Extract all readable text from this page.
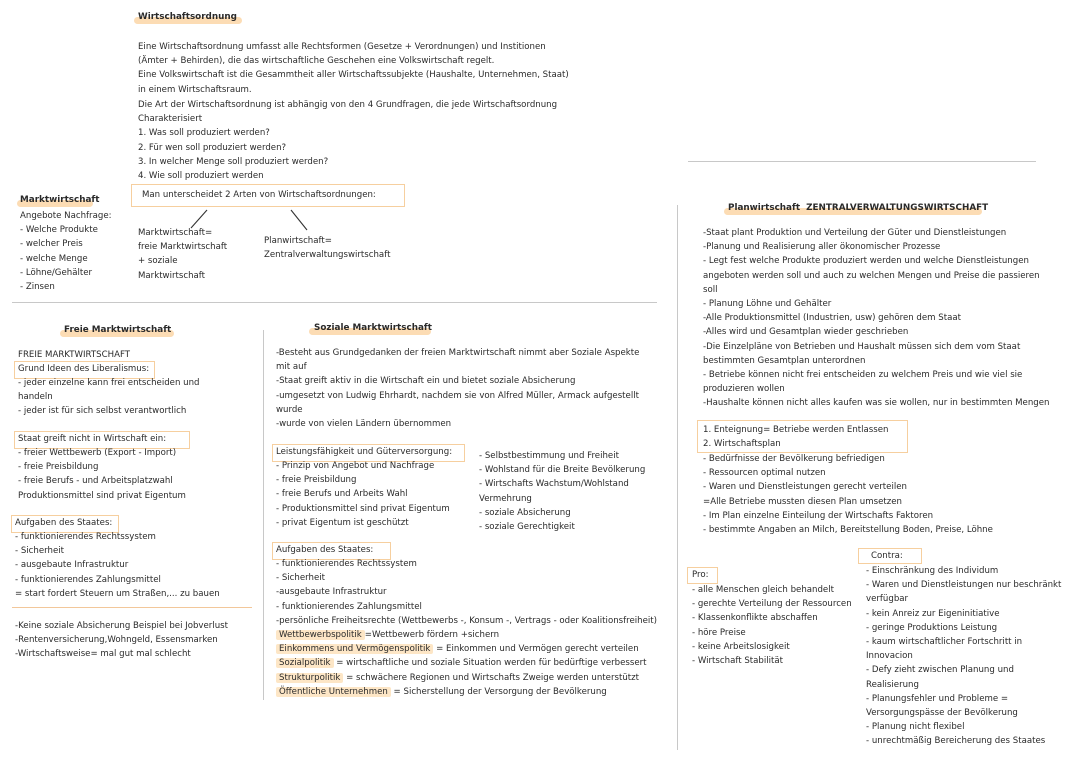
Wirtschaftsordnung
Eine Wirtschaftsordnung umfasst alle Rechtsformen (Gesetze + Verordnungen) und Institionen
(Ämter + Behirden), die das wirtschaftliche Geschehen eine Volkswirtschaft regelt.
Eine Volkswirtschaft ist die Gesammtheit aller Wirtschaftssubjekte (Haushalte, Unternehmen, Staat)
in einem Wirtschaftsraum.
Die Art der Wirtschaftsordnung ist abhängig von den 4 Grundfragen, die jede Wirtschaftsordnung
Charakterisiert
1. Was soll produziert werden?
2. Für wen soll produziert werden?
3. In welcher Menge soll produziert werden?
4. Wie soll produziert werden
Man unterscheidet 2 Arten von Wirtschaftsordnungen:
Marktwirtschaft
Angebote Nachfrage:
- Welche Produkte
- welcher Preis
- welche Menge
- Löhne/Gehälter
- Zinsen
Marktwirtschaft=
freie Marktwirtschaft
+ soziale
Marktwirtschaft
Planwirtschaft=
Zentralverwaltungswirtschaft
Freie Marktwirtschaft
FREIE MARKTWIRTSCHAFT
Grund Ideen des Liberalismus:
- jeder einzelne kann frei entscheiden und
handeln
- jeder ist für sich selbst verantwortlich
Staat greift nicht in Wirtschaft ein:
- freier Wettbewerb (Export - Import)
- freie Preisbildung
- freie Berufs - und Arbeitsplatzwahl
Produktionsmittel sind privat Eigentum
Aufgaben des Staates:
- funktionierendes Rechtssystem
- Sicherheit
- ausgebaute Infrastruktur
- funktionierendes Zahlungsmittel
= start fordert Steuern um Straßen,... zu bauen
-Keine soziale Absicherung Beispiel bei Jobverlust
-Rentenversicherung,Wohngeld, Essensmarken
-Wirtschaftsweise= mal gut mal schlecht
Soziale Marktwirtschaft
-Besteht aus Grundgedanken der freien Marktwirtschaft nimmt aber Soziale Aspekte
mit auf
-Staat greift aktiv in die Wirtschaft ein und bietet soziale Absicherung
-umgesetzt von Ludwig Ehrhardt, nachdem sie von Alfred Müller, Armack aufgestellt
wurde
-wurde von vielen Ländern übernommen
Leistungsfähigkeit und Güterversorgung:
- Prinzip von Angebot und Nachfrage
- freie Preisbildung
- freie Berufs und Arbeits Wahl
- Produktionsmittel sind privat Eigentum
- privat Eigentum ist geschützt
- Selbstbestimmung und Freiheit
- Wohlstand für die Breite Bevölkerung
- Wirtschafts Wachstum/Wohlstand
Vermehrung
- soziale Absicherung
- soziale Gerechtigkeit
Aufgaben des Staates:
- funktionierendes Rechtssystem
- Sicherheit
-ausgebaute Infrastruktur
- funktionierendes Zahlungsmittel
-persönliche Freiheitsrechte (Wettbewerbs -, Konsum -, Vertrags - oder Koalitionsfreiheit)
Wettbewerbspolitik =Wettbewerb fördern +sichern
Einkommens und Vermögenspolitik = Einkommen und Vermögen gerecht verteilen
Sozialpolitik = wirtschaftliche und soziale Situation werden für bedürftige verbessert
Strukturpolitik = schwächere Regionen und Wirtschafts Zweige werden unterstützt
Öffentliche Unternehmen = Sicherstellung der Versorgung der Bevölkerung
Planwirtschaft ZENTRALVERWALTUNGSWIRTSCHAFT
-Staat plant Produktion und Verteilung der Güter und Dienstleistungen
-Planung und Realisierung aller ökonomischer Prozesse
- Legt fest welche Produkte produziert werden und welche Dienstleistungen
angeboten werden soll und auch zu welchen Mengen und Preise die passieren
soll
- Planung Löhne und Gehälter
-Alle Produktionsmittel (Industrien, usw) gehören dem Staat
-Alles wird und Gesamtplan wieder geschrieben
-Die Einzelpläne von Betrieben und Haushalt müssen sich dem vom Staat
bestimmten Gesamtplan unterordnen
- Betriebe können nicht frei entscheiden zu welchem Preis und wie viel sie
produzieren wollen
-Haushalte können nicht alles kaufen was sie wollen, nur in bestimmten Mengen
1. Enteignung= Betriebe werden Entlassen
2. Wirtschaftsplan
- Bedürfnisse der Bevölkerung befriedigen
- Ressourcen optimal nutzen
- Waren und Dienstleistungen gerecht verteilen
=Alle Betriebe mussten diesen Plan umsetzen
- Im Plan einzelne Einteilung der Wirtschafts Faktoren
- bestimmte Angaben an Milch, Bereitstellung Boden, Preise, Löhne
Pro:
- alle Menschen gleich behandelt
- gerechte Verteilung der Ressourcen
- Klassenkonflikte abschaffen
- höre Preise
- keine Arbeitslosigkeit
- Wirtschaft Stabilität
Contra:
- Einschränkung des Individum
- Waren und Dienstleistungen nur beschränkt
verfügbar
- kein Anreiz zur Eigeninitiative
- geringe Produktions Leistung
- kaum wirtschaftlicher Fortschritt in
Innovacion
- Defy zieht zwischen Planung und
Realisierung
- Planungsfehler und Probleme =
Versorgungspässe der Bevölkerung
- Planung nicht flexibel
- unrechtmäßig Bereicherung des Staates
